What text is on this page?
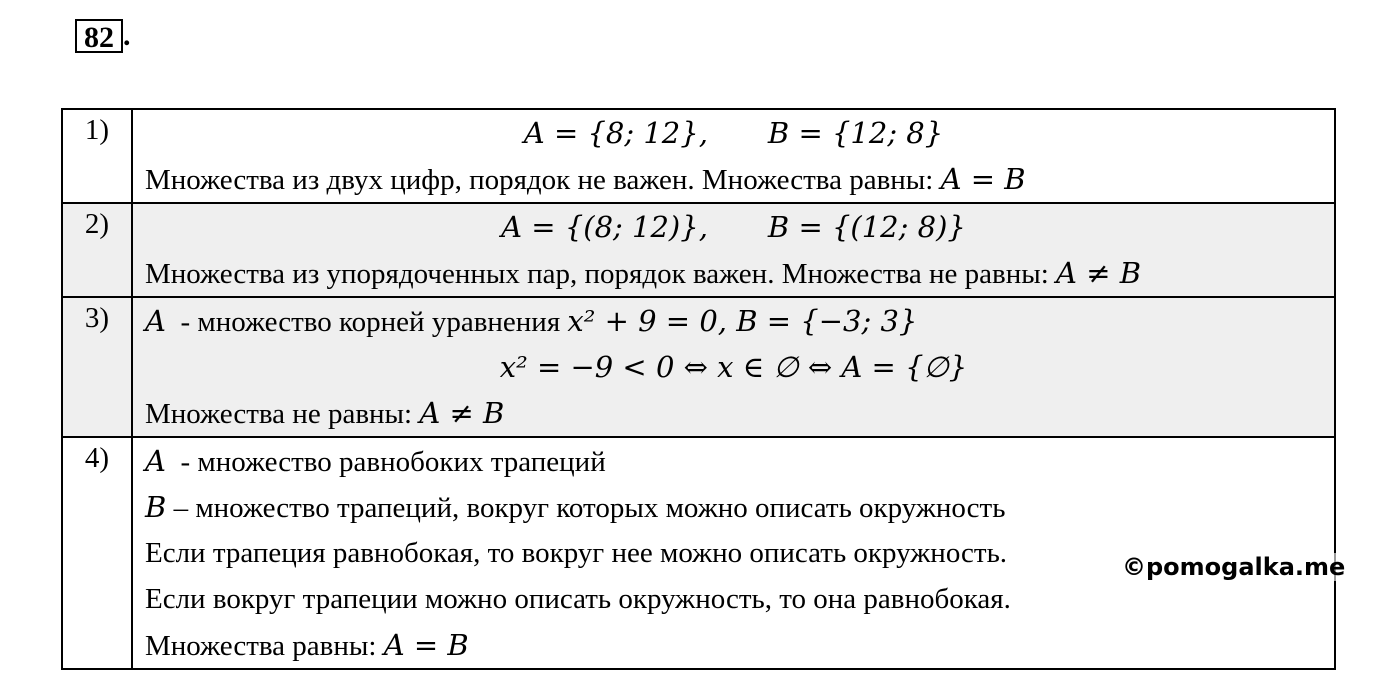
82 .
1)	A = {8; 12}, B = {12; 8}
Множества из двух цифр, порядок не важен. Множества равны: A = B

2)	A = {(8; 12)}, B = {(12; 8)}
Множества из упорядоченных пар, порядок важен. Множества не равны: A ≠ B

3)	A  - множество корней уравнения x² + 9 = 0, B = {−3; 3}
x² = −9 < 0 ⇔ x ∈ ∅ ⇔ A = {∅}
Множества не равны: A ≠ B

4)	A  - множество равнобоких трапеций
B – множество трапеций, вокруг которых можно описать окружность
Если трапеция равнобокая, то вокруг нее можно описать окружность.
Если вокруг трапеции можно описать окружность, то она равнобокая.
Множества равны: A = B
©pomogalka.me
